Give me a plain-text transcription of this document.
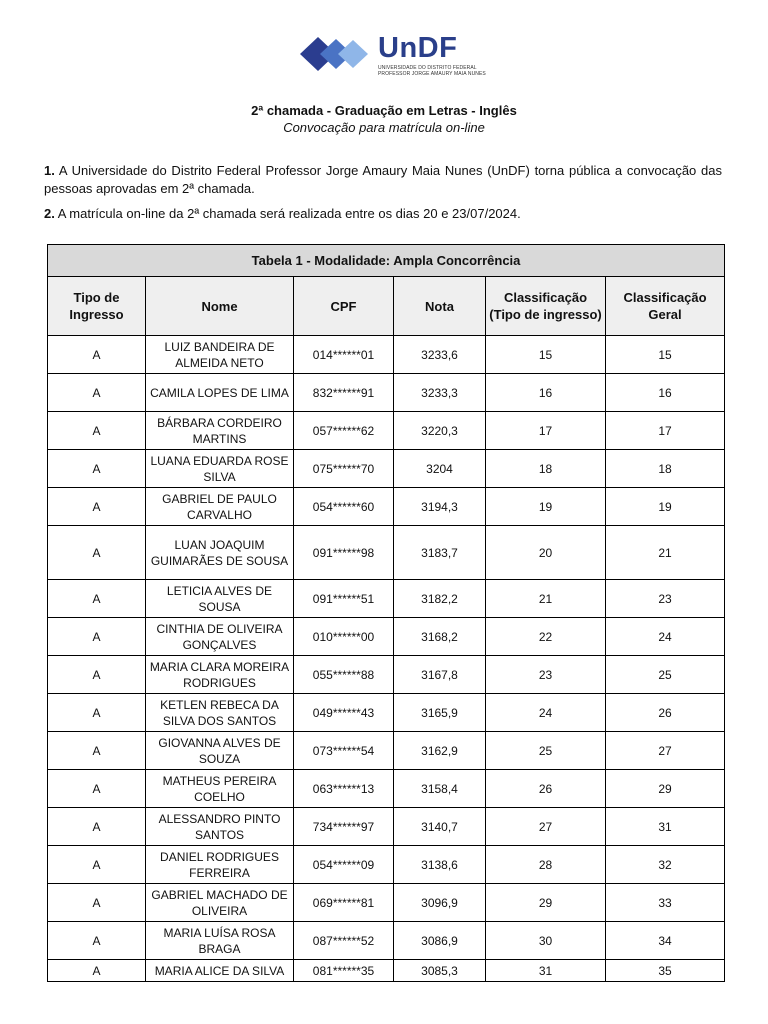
UnDF
UNIVERSIDADE DO DISTRITO FEDERAL
PROFESSOR JORGE AMAURY MAIA NUNES
2ª chamada - Graduação em Letras - Inglês
Convocação para matrícula on-line
1. A Universidade do Distrito Federal Professor Jorge Amaury Maia Nunes (UnDF) torna pública a convocação das pessoas aprovadas em 2ª chamada.
2. A matrícula on-line da 2ª chamada será realizada entre os dias 20 e 23/07/2024.
Tabela 1 - Modalidade: Ampla Concorrência					
Tipo de Ingresso	Nome	CPF	Nota	Classificação (Tipo de ingresso)	Classificação Geral
A	LUIZ BANDEIRA DE ALMEIDA NETO	014******01	3233,6	15	15
A	CAMILA LOPES DE LIMA	832******91	3233,3	16	16
A	BÁRBARA CORDEIRO MARTINS	057******62	3220,3	17	17
A	LUANA EDUARDA ROSE SILVA	075******70	3204	18	18
A	GABRIEL DE PAULO CARVALHO	054******60	3194,3	19	19
A	LUAN JOAQUIM GUIMARÃES DE SOUSA	091******98	3183,7	20	21
A	LETICIA ALVES DE SOUSA	091******51	3182,2	21	23
A	CINTHIA DE OLIVEIRA GONÇALVES	010******00	3168,2	22	24
A	MARIA CLARA MOREIRA RODRIGUES	055******88	3167,8	23	25
A	KETLEN REBECA DA SILVA DOS SANTOS	049******43	3165,9	24	26
A	GIOVANNA ALVES DE SOUZA	073******54	3162,9	25	27
A	MATHEUS PEREIRA COELHO	063******13	3158,4	26	29
A	ALESSANDRO PINTO SANTOS	734******97	3140,7	27	31
A	DANIEL RODRIGUES FERREIRA	054******09	3138,6	28	32
A	GABRIEL MACHADO DE OLIVEIRA	069******81	3096,9	29	33
A	MARIA LUÍSA ROSA BRAGA	087******52	3086,9	30	34
A	MARIA ALICE DA SILVA	081******35	3085,3	31	35
